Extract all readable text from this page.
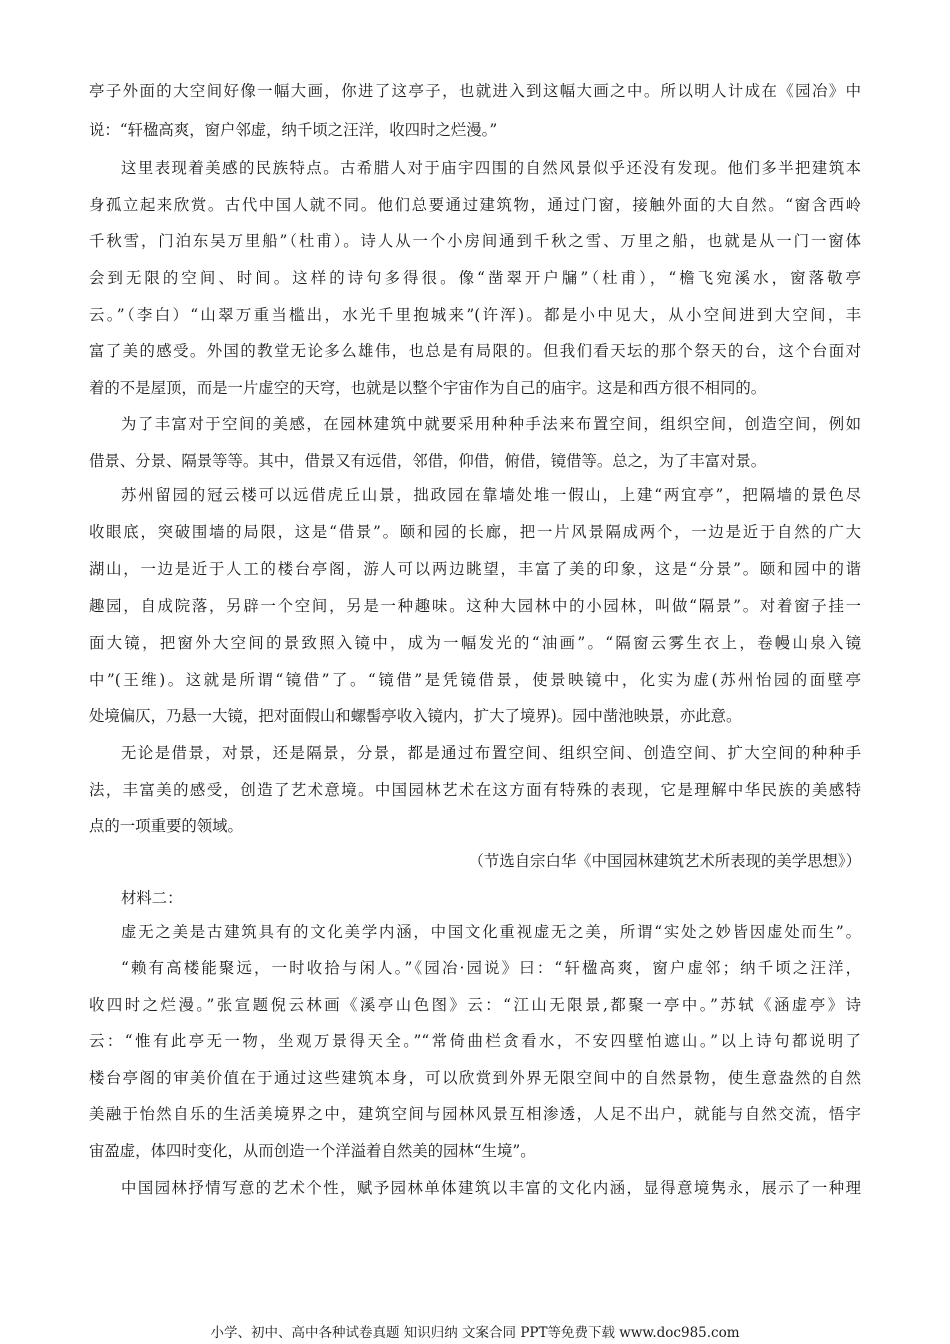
亭子外面的大空间好像一幅大画，你进了这亭子，也就进入到这幅大画之中。所以明人计成在《园冶》中
说：“轩楹高爽，窗户邻虚，纳千顷之汪洋，收四时之烂漫。”
这里表现着美感的民族特点。古希腊人对于庙宇四围的自然风景似乎还没有发现。他们多半把建筑本
身孤立起来欣赏。古代中国人就不同。他们总要通过建筑物，通过门窗，接触外面的大自然。“窗含西岭
千秋雪，门泊东吴万里船”（杜甫）。诗人从一个小房间通到千秋之雪、万里之船，也就是从一门一窗体
会到无限的空间、时间。这样的诗句多得很。像“凿翠开户牖”（杜甫），“檐飞宛溪水，窗落敬亭
云。”（李白）“山翠万重当槛出，水光千里抱城来”(许浑)。都是小中见大，从小空间进到大空间，丰
富了美的感受。外国的教堂无论多么雄伟，也总是有局限的。但我们看天坛的那个祭天的台，这个台面对
着的不是屋顶，而是一片虚空的天穹，也就是以整个宇宙作为自己的庙宇。这是和西方很不相同的。
为了丰富对于空间的美感，在园林建筑中就要采用种种手法来布置空间，组织空间，创造空间，例如
借景、分景、隔景等等。其中，借景又有远借，邻借，仰借，俯借，镜借等。总之，为了丰富对景。
苏州留园的冠云楼可以远借虎丘山景，拙政园在靠墙处堆一假山，上建“两宜亭”，把隔墙的景色尽
收眼底，突破围墙的局限，这是“借景”。颐和园的长廊，把一片风景隔成两个，一边是近于自然的广大
湖山，一边是近于人工的楼台亭阁，游人可以两边眺望，丰富了美的印象，这是“分景”。颐和园中的谐
趣园，自成院落，另辟一个空间，另是一种趣味。这种大园林中的小园林，叫做“隔景”。对着窗子挂一
面大镜，把窗外大空间的景致照入镜中，成为一幅发光的“油画”。“隔窗云雾生衣上，卷幔山泉入镜
中”(王维)。这就是所谓“镜借”了。“镜借”是凭镜借景，使景映镜中，化实为虚(苏州怡园的面壁亭
处境偏仄，乃悬一大镜，把对面假山和螺髻亭收入镜内，扩大了境界)。园中凿池映景，亦此意。
无论是借景，对景，还是隔景，分景，都是通过布置空间、组织空间、创造空间、扩大空间的种种手
法，丰富美的感受，创造了艺术意境。中国园林艺术在这方面有特殊的表现，它是理解中华民族的美感特
点的一项重要的领域。
（节选自宗白华《中国园林建筑艺术所表现的美学思想》）
材料二：
虚无之美是古建筑具有的文化美学内涵，中国文化重视虚无之美，所谓“实处之妙皆因虚处而生”。
“赖有高楼能聚远，一时收拾与闲人。”《园冶·园说》曰：“轩楹高爽，窗户虚邻；纳千顷之汪洋，
收四时之烂漫。”张宣题倪云林画《溪亭山色图》云：“江山无限景,都聚一亭中。”苏轼《涵虚亭》诗
云：“惟有此亭无一物，坐观万景得天全。”“常倚曲栏贪看水，不安四壁怕遮山。”以上诗句都说明了
楼台亭阁的审美价值在于通过这些建筑本身，可以欣赏到外界无限空间中的自然景物，使生意盎然的自然
美融于怡然自乐的生活美境界之中，建筑空间与园林风景互相渗透，人足不出户，就能与自然交流，悟宇
宙盈虚，体四时变化，从而创造一个洋溢着自然美的园林“生境”。
中国园林抒情写意的艺术个性，赋予园林单体建筑以丰富的文化内涵，显得意境隽永，展示了一种理
小学、初中、高中各种试卷真题 知识归纳 文案合同 PPT等免费下载 www.doc985.com
